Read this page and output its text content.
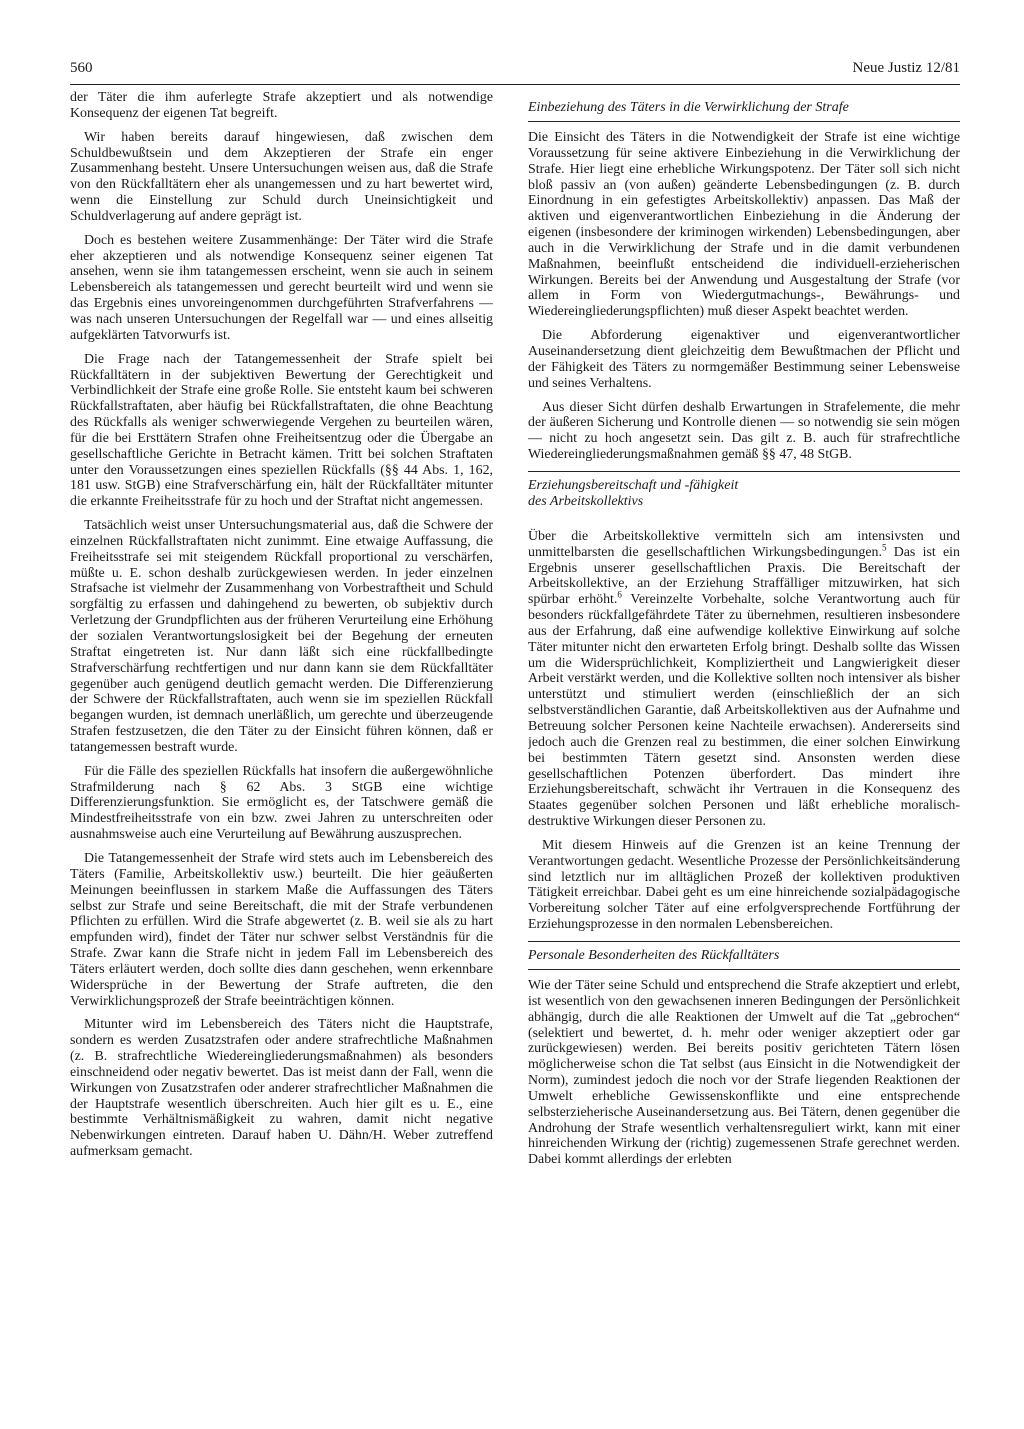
560	Neue Justiz 12/81

der Täter die ihm auferlegte Strafe akzeptiert und als notwendige Konsequenz der eigenen Tat begreift.

Wir haben bereits darauf hingewiesen, daß zwischen dem Schuldbewußtsein und dem Akzeptieren der Strafe ein enger Zusammenhang besteht. Unsere Untersuchungen weisen aus, daß die Strafe von den Rückfalltätern eher als unangemessen und zu hart bewertet wird, wenn die Einstellung zur Schuld durch Uneinsichtigkeit und Schuldverlagerung auf andere geprägt ist.

Doch es bestehen weitere Zusammenhänge: Der Täter wird die Strafe eher akzeptieren und als notwendige Konsequenz seiner eigenen Tat ansehen, wenn sie ihm tatangemessen erscheint, wenn sie auch in seinem Lebensbereich als tatangemessen und gerecht beurteilt wird und wenn sie das Ergebnis eines unvoreingenommen durchgeführten Strafverfahrens — was nach unseren Untersuchungen der Regelfall war — und eines allseitig aufgeklärten Tatvorwurfs ist.

Die Frage nach der Tatangemessenheit der Strafe spielt bei Rückfalltätern in der subjektiven Bewertung der Gerechtigkeit und Verbindlichkeit der Strafe eine große Rolle. Sie entsteht kaum bei schweren Rückfallstraftaten, aber häufig bei Rückfallstraftaten, die ohne Beachtung des Rückfalls als weniger schwerwiegende Vergehen zu beurteilen wären, für die bei Ersttätern Strafen ohne Freiheitsentzug oder die Übergabe an gesellschaftliche Gerichte in Betracht kämen. Tritt bei solchen Straftaten unter den Voraussetzungen eines speziellen Rückfalls (§§ 44 Abs. 1, 162, 181 usw. StGB) eine Strafverschärfung ein, hält der Rückfalltäter mitunter die erkannte Freiheitsstrafe für zu hoch und der Straftat nicht angemessen.

Tatsächlich weist unser Untersuchungsmaterial aus, daß die Schwere der einzelnen Rückfallstraftaten nicht zunimmt. Eine etwaige Auffassung, die Freiheitsstrafe sei mit steigendem Rückfall proportional zu verschärfen, müßte u. E. schon deshalb zurückgewiesen werden. In jeder einzelnen Strafsache ist vielmehr der Zusammenhang von Vorbestraftheit und Schuld sorgfältig zu erfassen und dahingehend zu bewerten, ob subjektiv durch Verletzung der Grundpflichten aus der früheren Verurteilung eine Erhöhung der sozialen Verantwortungslosigkeit bei der Begehung der erneuten Straftat eingetreten ist. Nur dann läßt sich eine rückfallbedingte Strafverschärfung rechtfertigen und nur dann kann sie dem Rückfalltäter gegenüber auch genügend deutlich gemacht werden. Die Differenzierung der Schwere der Rückfallstraftaten, auch wenn sie im speziellen Rückfall begangen wurden, ist demnach unerläßlich, um gerechte und überzeugende Strafen festzusetzen, die den Täter zu der Einsicht führen können, daß er tatangemessen bestraft wurde.

Für die Fälle des speziellen Rückfalls hat insofern die außergewöhnliche Strafmilderung nach § 62 Abs. 3 StGB eine wichtige Differenzierungsfunktion. Sie ermöglicht es, der Tatschwere gemäß die Mindestfreiheitsstrafe von ein bzw. zwei Jahren zu unterschreiten oder ausnahmsweise auch eine Verurteilung auf Bewährung auszusprechen.

Die Tatangemessenheit der Strafe wird stets auch im Lebensbereich des Täters (Familie, Arbeitskollektiv usw.) beurteilt. Die hier geäußerten Meinungen beeinflussen in starkem Maße die Auffassungen des Täters selbst zur Strafe und seine Bereitschaft, die mit der Strafe verbundenen Pflichten zu erfüllen. Wird die Strafe abgewertet (z. B. weil sie als zu hart empfunden wird), findet der Täter nur schwer selbst Verständnis für die Strafe. Zwar kann die Strafe nicht in jedem Fall im Lebensbereich des Täters erläutert werden, doch sollte dies dann geschehen, wenn erkennbare Widersprüche in der Bewertung der Strafe auftreten, die den Verwirklichungsprozeß der Strafe beeinträchtigen können.

Mitunter wird im Lebensbereich des Täters nicht die Hauptstrafe, sondern es werden Zusatzstrafen oder andere strafrechtliche Maßnahmen (z. B. strafrechtliche Wiedereingliederungsmaßnahmen) als besonders einschneidend oder negativ bewertet. Das ist meist dann der Fall, wenn die Wirkungen von Zusatzstrafen oder anderer strafrechtlicher Maßnahmen die der Hauptstrafe wesentlich überschreiten. Auch hier gilt es u. E., eine bestimmte Verhältnismäßigkeit zu wahren, damit nicht negative Nebenwirkungen eintreten. Darauf haben U. Dähn/H. Weber zutreffend aufmerksam gemacht.

Einbeziehung des Täters in die Verwirklichung der Strafe

Die Einsicht des Täters in die Notwendigkeit der Strafe ist eine wichtige Voraussetzung für seine aktivere Einbeziehung in die Verwirklichung der Strafe. Hier liegt eine erhebliche Wirkungspotenz. Der Täter soll sich nicht bloß passiv an (von außen) geänderte Lebensbedingungen (z. B. durch Einordnung in ein gefestigtes Arbeitskollektiv) anpassen. Das Maß der aktiven und eigenverantwortlichen Einbeziehung in die Änderung der eigenen (insbesondere der kriminogen wirkenden) Lebensbedingungen, aber auch in die Verwirklichung der Strafe und in die damit verbundenen Maßnahmen, beeinflußt entscheidend die individuell-erzieherischen Wirkungen. Bereits bei der Anwendung und Ausgestaltung der Strafe (vor allem in Form von Wiedergutmachungs-, Bewährungs- und Wiedereingliederungspflichten) muß dieser Aspekt beachtet werden.

Die Abforderung eigenaktiver und eigenverantwortlicher Auseinandersetzung dient gleichzeitig dem Bewußtmachen der Pflicht und der Fähigkeit des Täters zu normgemäßer Bestimmung seiner Lebensweise und seines Verhaltens.

Aus dieser Sicht dürfen deshalb Erwartungen in Strafelemente, die mehr der äußeren Sicherung und Kontrolle dienen — so notwendig sie sein mögen — nicht zu hoch angesetzt sein. Das gilt z. B. auch für strafrechtliche Wiedereingliederungsmaßnahmen gemäß §§ 47, 48 StGB.

Erziehungsbereitschaft und -fähigkeit
des Arbeitskollektivs

Über die Arbeitskollektive vermitteln sich am intensivsten und unmittelbarsten die gesellschaftlichen Wirkungsbedingungen.$^5$ Das ist ein Ergebnis unserer gesellschaftlichen Praxis. Die Bereitschaft der Arbeitskollektive, an der Erziehung Straffälliger mitzuwirken, hat sich spürbar erhöht.$^6$ Vereinzelte Vorbehalte, solche Verantwortung auch für besonders rückfallgefährdete Täter zu übernehmen, resultieren insbesondere aus der Erfahrung, daß eine aufwendige kollektive Einwirkung auf solche Täter mitunter nicht den erwarteten Erfolg bringt. Deshalb sollte das Wissen um die Widersprüchlichkeit, Kompliziertheit und Langwierigkeit dieser Arbeit verstärkt werden, und die Kollektive sollten noch intensiver als bisher unterstützt und stimuliert werden (einschließlich der an sich selbstverständlichen Garantie, daß Arbeitskollektiven aus der Aufnahme und Betreuung solcher Personen keine Nachteile erwachsen). Andererseits sind jedoch auch die Grenzen real zu bestimmen, die einer solchen Einwirkung bei bestimmten Tätern gesetzt sind. Ansonsten werden diese gesellschaftlichen Potenzen überfordert. Das mindert ihre Erziehungsbereitschaft, schwächt ihr Vertrauen in die Konsequenz des Staates gegenüber solchen Personen und läßt erhebliche moralisch-destruktive Wirkungen dieser Personen zu.

Mit diesem Hinweis auf die Grenzen ist an keine Trennung der Verantwortungen gedacht. Wesentliche Prozesse der Persönlichkeitsänderung sind letztlich nur im alltäglichen Prozeß der kollektiven produktiven Tätigkeit erreichbar. Dabei geht es um eine hinreichende sozialpädagogische Vorbereitung solcher Täter auf eine erfolgversprechende Fortführung der Erziehungsprozesse in den normalen Lebensbereichen.

Personale Besonderheiten des Rückfalltäters

Wie der Täter seine Schuld und entsprechend die Strafe akzeptiert und erlebt, ist wesentlich von den gewachsenen inneren Bedingungen der Persönlichkeit abhängig, durch die alle Reaktionen der Umwelt auf die Tat „gebrochen“ (selektiert und bewertet, d. h. mehr oder weniger akzeptiert oder gar zurückgewiesen) werden. Bei bereits positiv gerichteten Tätern lösen möglicherweise schon die Tat selbst (aus Einsicht in die Notwendigkeit der Norm), zumindest jedoch die noch vor der Strafe liegenden Reaktionen der Umwelt erhebliche Gewissenskonflikte und eine entsprechende selbsterzieherische Auseinandersetzung aus. Bei Tätern, denen gegenüber die Androhung der Strafe wesentlich verhaltensreguliert wirkt, kann mit einer hinreichenden Wirkung der (richtig) zugemessenen Strafe gerechnet werden. Dabei kommt allerdings der erlebten
